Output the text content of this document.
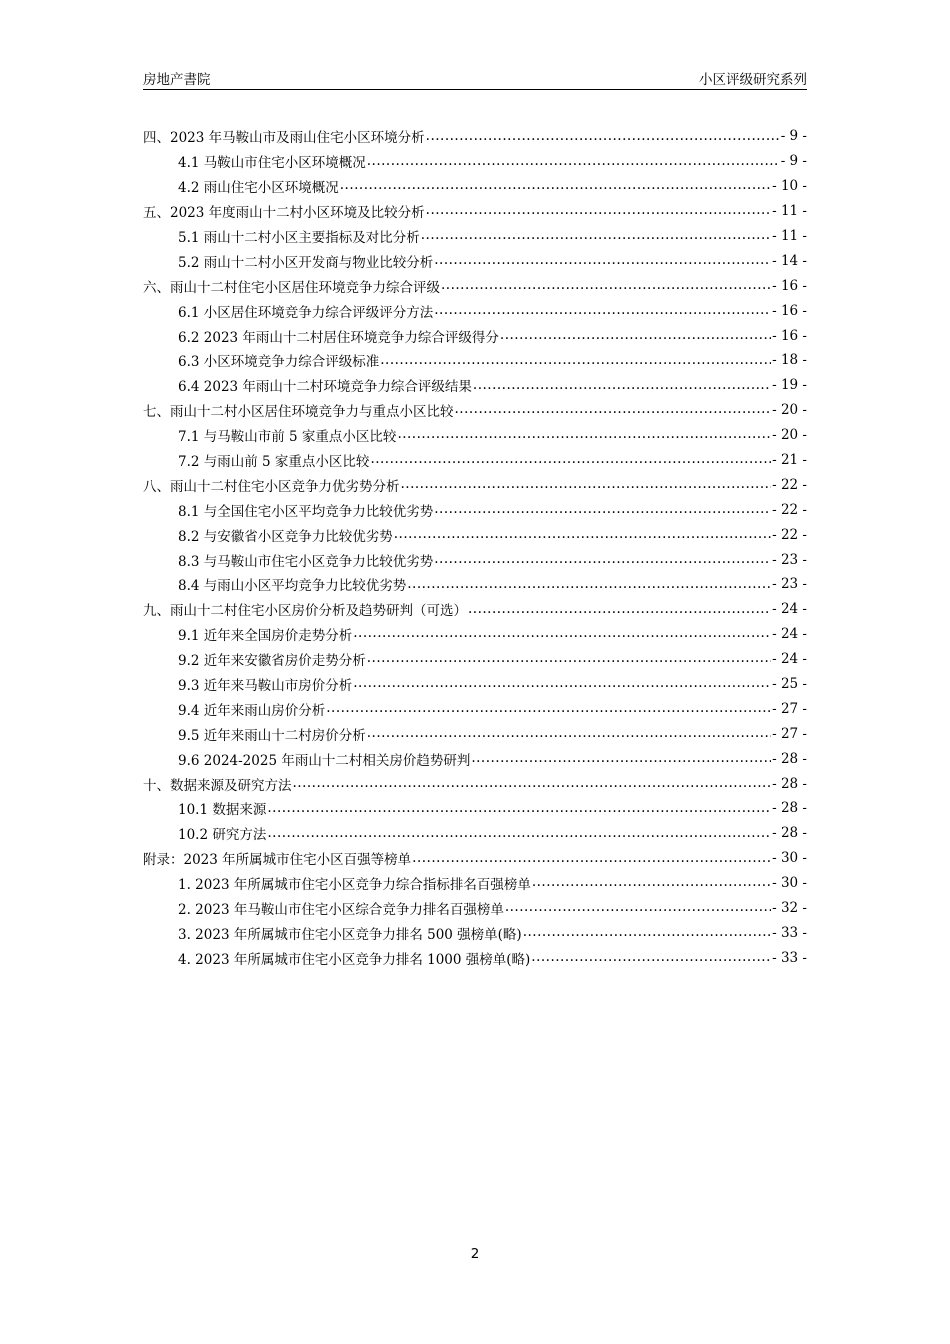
房地产書院	小区评级研究系列
四、2023 年马鞍山市及雨山住宅小区环境分析 .....	- 9 -
4.1 马鞍山市住宅小区环境概况 .....	- 9 -
4.2 雨山住宅小区环境概况 .....	- 10 -
五、2023 年度雨山十二村小区环境及比较分析 .....	- 11 -
5.1 雨山十二村小区主要指标及对比分析 .....	- 11 -
5.2 雨山十二村小区开发商与物业比较分析 .....	- 14 -
六、雨山十二村住宅小区居住环境竞争力综合评级 .....	- 16 -
6.1 小区居住环境竞争力综合评级评分方法 .....	- 16 -
6.2 2023 年雨山十二村居住环境竞争力综合评级得分 .....	- 16 -
6.3 小区环境竞争力综合评级标准 .....	- 18 -
6.4 2023 年雨山十二村环境竞争力综合评级结果 .....	- 19 -
七、雨山十二村小区居住环境竞争力与重点小区比较 .....	- 20 -
7.1 与马鞍山市前 5 家重点小区比较 .....	- 20 -
7.2 与雨山前 5 家重点小区比较 .....	- 21 -
八、雨山十二村住宅小区竞争力优劣势分析 .....	- 22 -
8.1 与全国住宅小区平均竞争力比较优劣势 .....	- 22 -
8.2 与安徽省小区竞争力比较优劣势 .....	- 22 -
8.3 与马鞍山市住宅小区竞争力比较优劣势 .....	- 23 -
8.4 与雨山小区平均竞争力比较优劣势 .....	- 23 -
九、雨山十二村住宅小区房价分析及趋势研判（可选） .....	- 24 -
9.1 近年来全国房价走势分析 .....	- 24 -
9.2 近年来安徽省房价走势分析 .....	- 24 -
9.3 近年来马鞍山市房价分析 .....	- 25 -
9.4 近年来雨山房价分析 .....	- 27 -
9.5 近年来雨山十二村房价分析 .....	- 27 -
9.6 2024-2025 年雨山十二村相关房价趋势研判 .....	- 28 -
十、数据来源及研究方法 .....	- 28 -
10.1 数据来源 .....	- 28 -
10.2 研究方法 .....	- 28 -
附录：2023 年所属城市住宅小区百强等榜单 .....	- 30 -
1. 2023 年所属城市住宅小区竞争力综合指标排名百强榜单 .....	- 30 -
2. 2023 年马鞍山市住宅小区综合竞争力排名百强榜单 .....	- 32 -
3. 2023 年所属城市住宅小区竞争力排名 500 强榜单(略) .....	- 33 -
4. 2023 年所属城市住宅小区竞争力排名 1000 强榜单(略) .....	- 33 -
2
